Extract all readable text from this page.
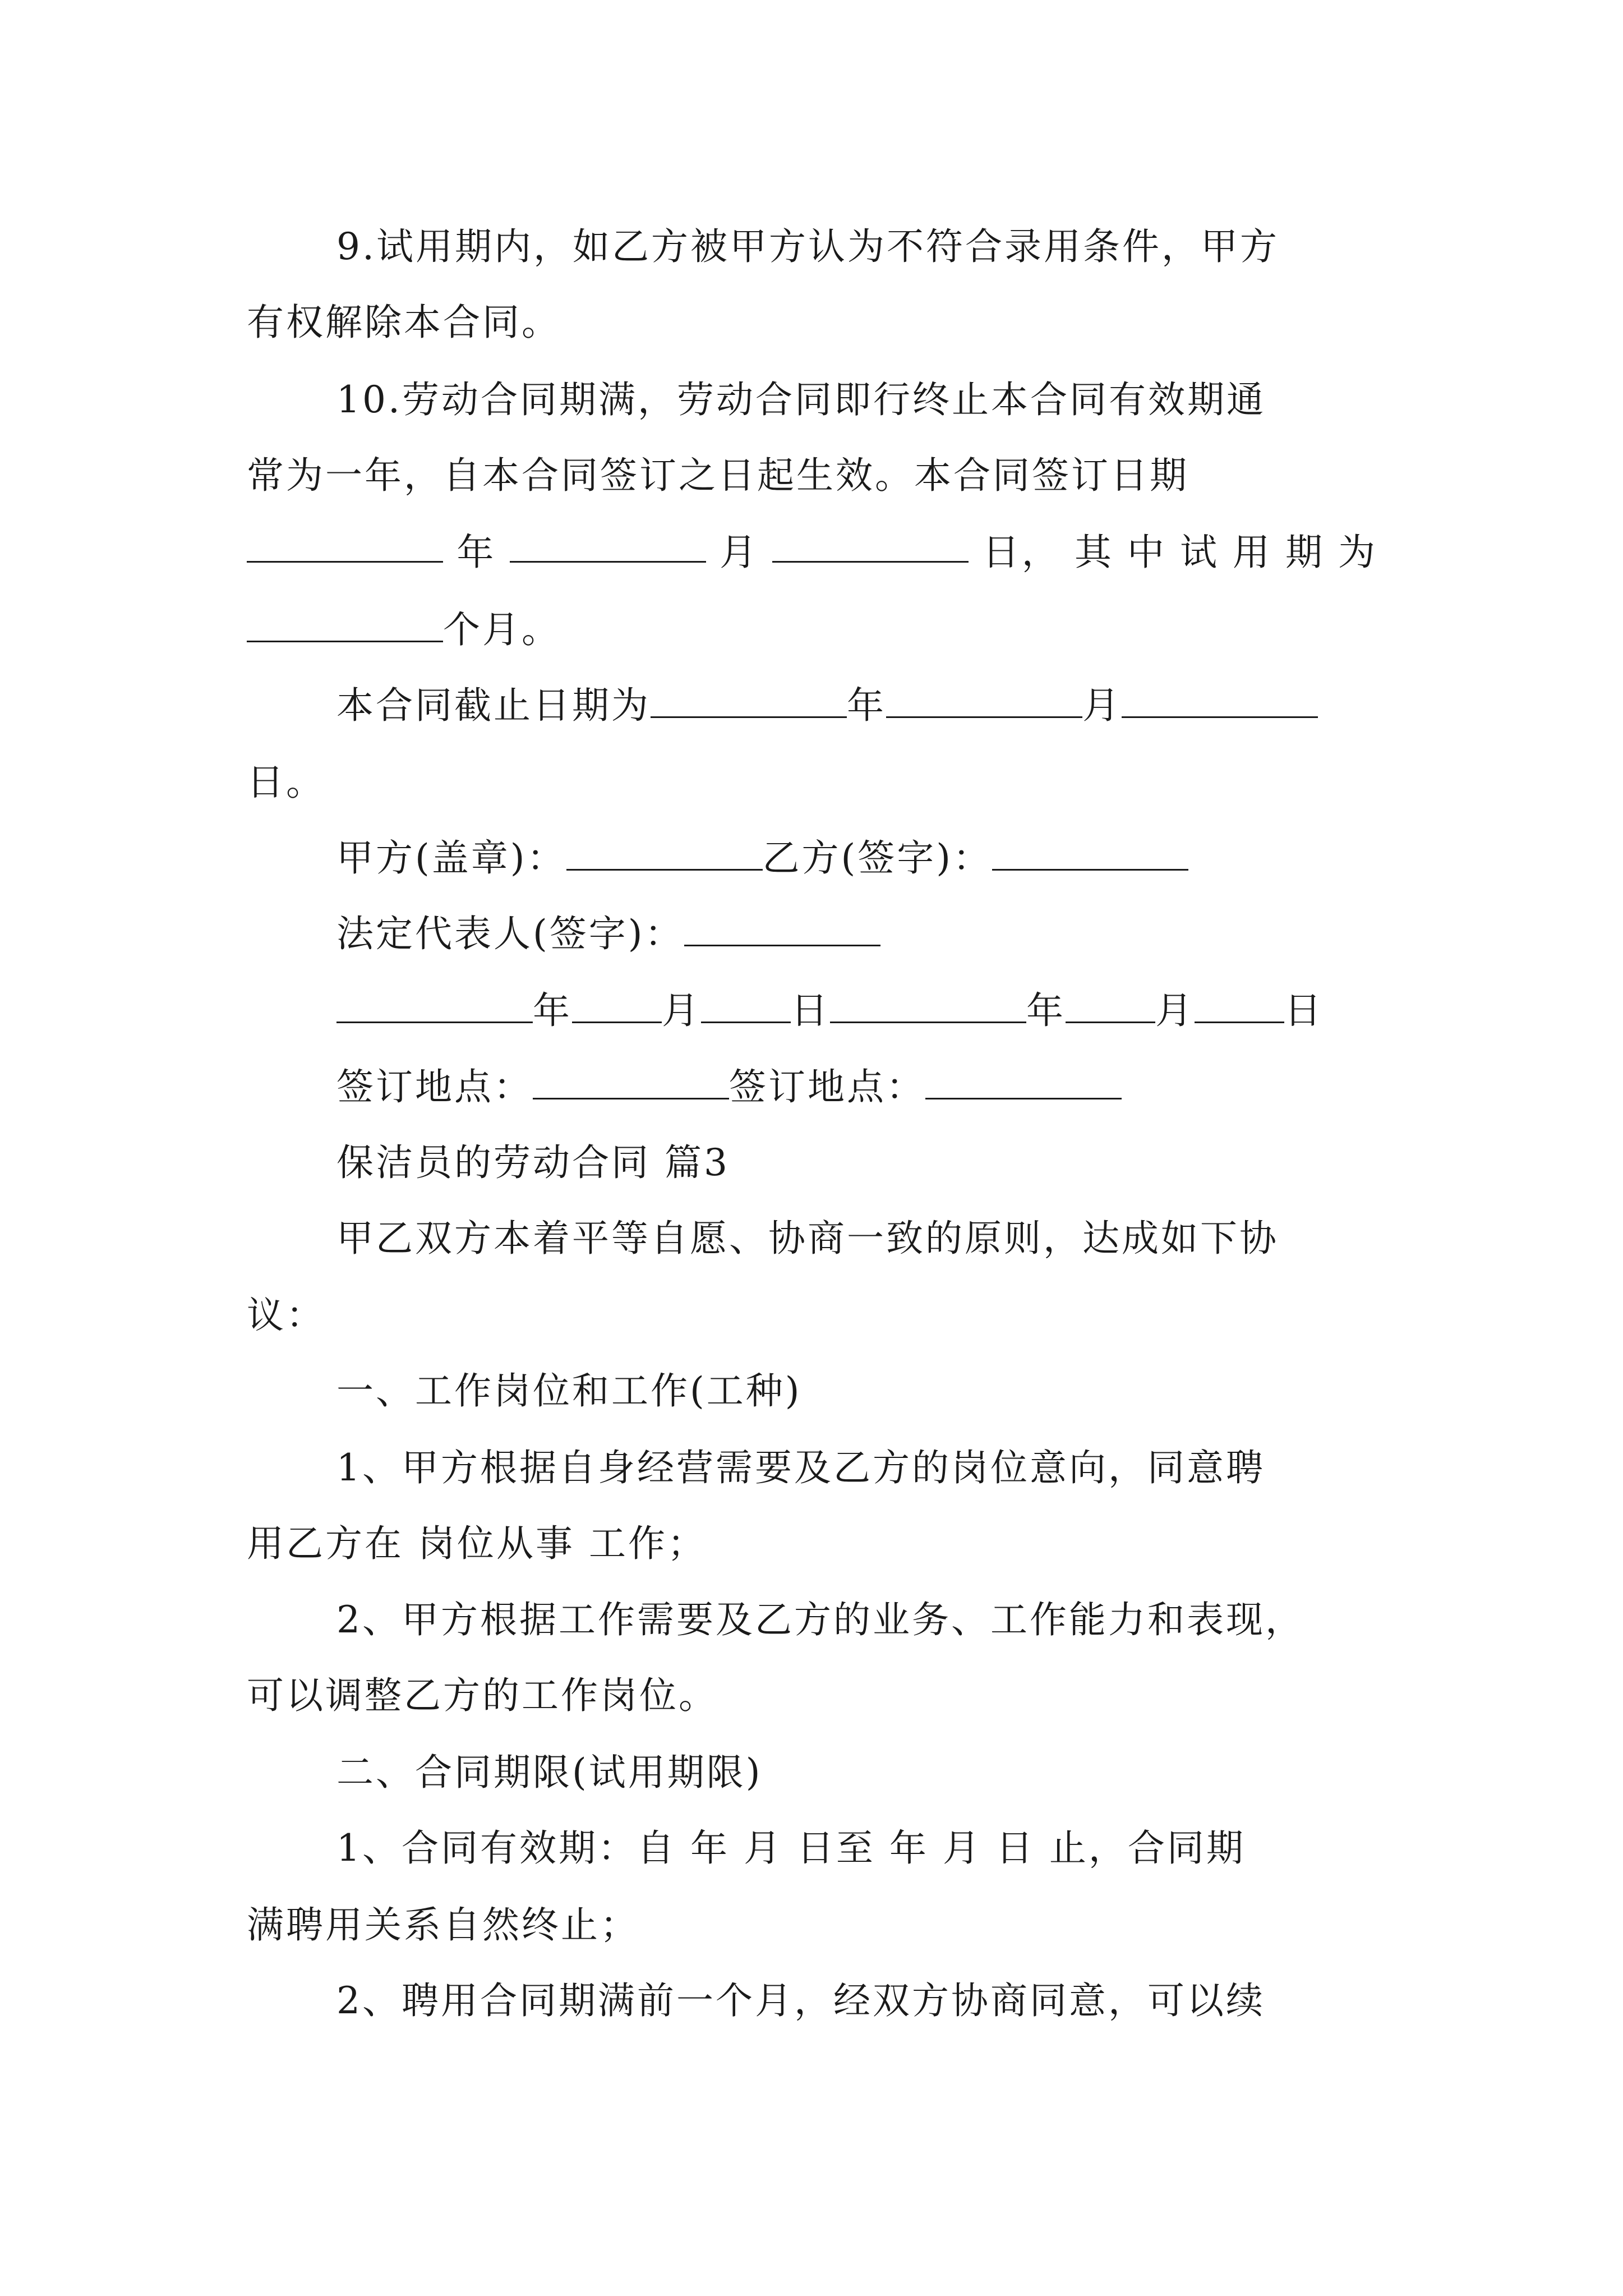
9.试用期内，如乙方被甲方认为不符合录用条件，甲方
有权解除本合同。
10.劳动合同期满，劳动合同即行终止本合同有效期通
常为一年，自本合同签订之日起生效。本合同签订日期
年	月	日， 其中试用期为
个月。
本合同截止日期为	年	月
日。
甲方(盖章)：	乙方(签字)：
法定代表人(签字)：
年 月 日	年 月 日
签订地点：	签订地点：
保洁员的劳动合同 篇3
甲乙双方本着平等自愿、协商一致的原则，达成如下协
议：
一、工作岗位和工作(工种)
1、甲方根据自身经营需要及乙方的岗位意向，同意聘
用乙方在 岗位从事 工作；
2、甲方根据工作需要及乙方的业务、工作能力和表现，
可以调整乙方的工作岗位。
二、合同期限(试用期限)
1、合同有效期：自 年 月 日至 年 月 日 止，合同期
满聘用关系自然终止；
2、聘用合同期满前一个月，经双方协商同意，可以续
